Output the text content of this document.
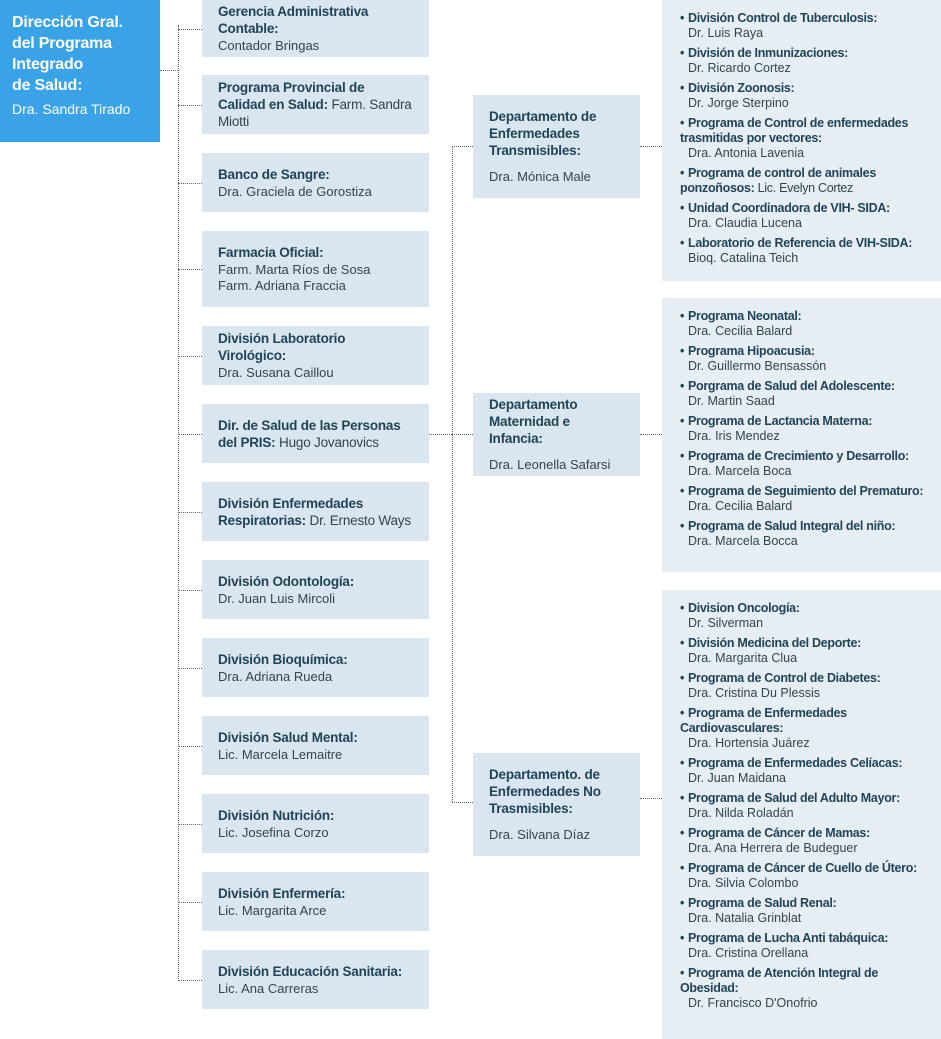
Dirección Gral.
del Programa
Integrado
de Salud:
Dra. Sandra Tirado
Gerencia Administrativa Contable:
Contador Bringas
Programa Provincial de Calidad en Salud: Farm. Sandra Miotti
Banco de Sangre:
Dra. Graciela de Gorostiza
Farmacia Oficial:
Farm. Marta Ríos de Sosa
Farm. Adriana Fraccia
División Laboratorio Virológico:
Dra. Susana Caillou
Dir. de Salud de las Personas del PRIS: Hugo Jovanovics
División Enfermedades Respiratorias: Dr. Ernesto Ways
División Odontología:
Dr. Juan Luis Mircoli
División Bioquímica:
Dra. Adriana Rueda
División Salud Mental:
Lic. Marcela Lemaitre
División Nutrición:
Lic. Josefina Corzo
División Enfermería:
Lic. Margarita Arce
División Educación Sanitaria:
Lic. Ana Carreras
Departamento de Enfermedades Transmisibles:
Dra. Mónica Male
Departamento Maternidad e Infancia:
Dra. Leonella Safarsi
Departamento. de Enfermedades No Trasmisibles:
Dra. Silvana Díaz
• División Control de Tuberculosis:
Dr. Luis Raya
• División de Inmunizaciones:
Dr. Ricardo Cortez
• División Zoonosis:
Dr. Jorge Sterpino
• Programa de Control de enfermedades trasmitidas por vectores:
Dra. Antonia Lavenia
• Programa de control de animales ponzoñosos: Lic. Evelyn Cortez
• Unidad Coordinadora de VIH- SIDA:
Dra. Claudia Lucena
• Laboratorio de Referencia de VIH-SIDA:
Bioq. Catalina Teich
• Programa Neonatal:
Dra. Cecilia Balard
• Programa Hipoacusia:
Dr. Guillermo Bensassón
• Porgrama de Salud del Adolescente:
Dr. Martin Saad
• Programa de Lactancia Materna:
Dra. Iris Mendez
• Programa de Crecimiento y Desarrollo:
Dra. Marcela Boca
• Programa de Seguimiento del Prematuro:
Dra. Cecilia Balard
• Programa de Salud Integral del niño:
Dra. Marcela Bocca
• Division Oncología:
Dr. Silverman
• División Medicina del Deporte:
Dra. Margarita Clua
• Programa de Control de Diabetes:
Dra. Cristina Du Plessis
• Programa de Enfermedades Cardiovasculares:
Dra. Hortensia Juárez
• Programa de Enfermedades Celíacas:
Dr. Juan Maidana
• Programa de Salud del Adulto Mayor:
Dra. Nilda Roladán
• Programa de Cáncer de Mamas:
Dra. Ana Herrera de Budeguer
• Programa de Cáncer de Cuello de Útero:
Dra. Silvia Colombo
• Programa de Salud Renal:
Dra. Natalia Grinblat
• Programa de Lucha Anti tabáquica:
Dra. Cristina Orellana
• Programa de Atención Integral de Obesidad:
Dr. Francisco D'Onofrio
